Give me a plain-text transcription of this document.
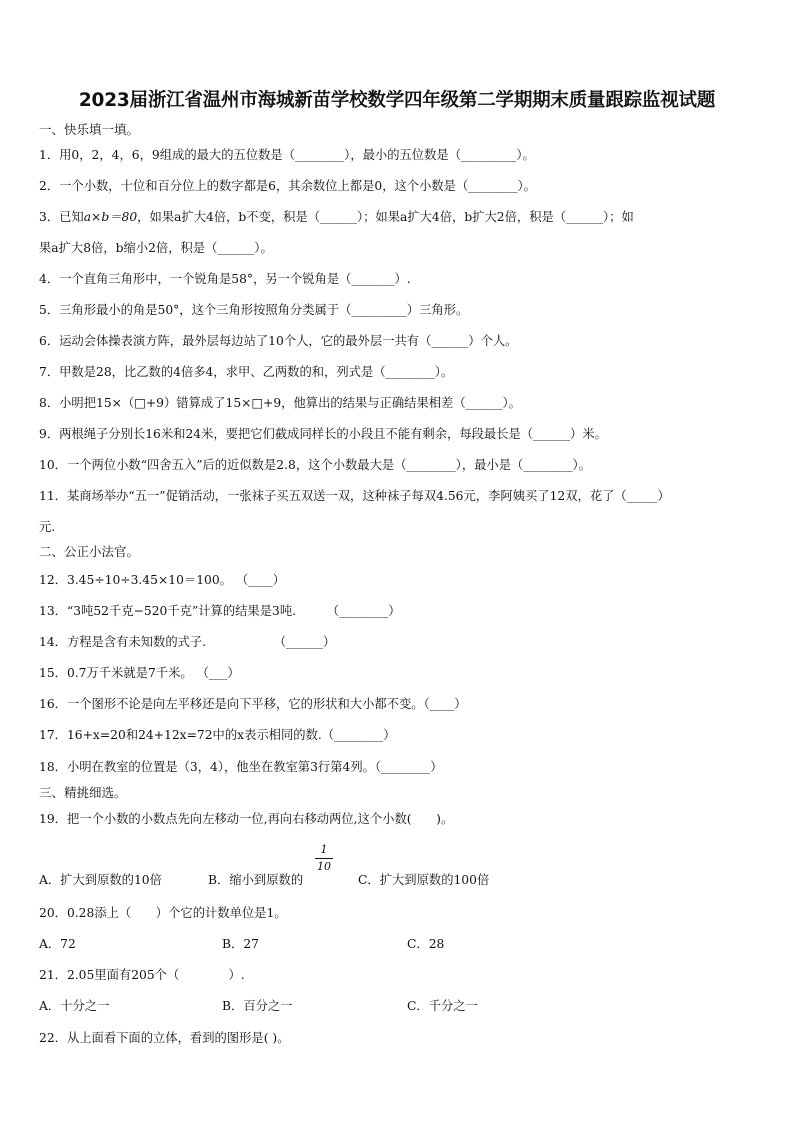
2023届浙江省温州市海城新苗学校数学四年级第二学期期末质量跟踪监视试题
一、快乐填一填。
1．用0，2，4，6，9组成的最大的五位数是（________），最小的五位数是（_________）。
2．一个小数，十位和百分位上的数字都是6，其余数位上都是0，这个小数是（________）。
3．已知a×b＝80，如果a扩大4倍，b不变，积是（______）；如果a扩大4倍，b扩大2倍，积是（______）；如
果a扩大8倍，b缩小2倍，积是（______）。
4．一个直角三角形中，一个锐角是58°，另一个锐角是（_______）.
5．三角形最小的角是50°，这个三角形按照角分类属于（_________）三角形。
6．运动会体操表演方阵，最外层每边站了10个人，它的最外层一共有（______）个人。
7．甲数是28，比乙数的4倍多4，求甲、乙两数的和，列式是（________）。
8．小明把15×（□+9）错算成了15×□+9，他算出的结果与正确结果相差（______）。
9．两根绳子分别长16米和24米，要把它们截成同样长的小段且不能有剩余，每段最长是（______）米。
10．一个两位小数“四舍五入”后的近似数是2.8，这个小数最大是（________），最小是（________）。
11．某商场举办“五一”促销活动，一张袜子买五双送一双，这种袜子每双4.56元，李阿姨买了12双，花了（_____）
元.
二、公正小法官。
12．3.45÷10÷3.45×10＝100。 （____）
13．“3吨52千克−520千克”计算的结果是3吨.　　　（________）
14．方程是含有未知数的式子.　　　　　　（______）
15．0.7万千米就是7千米。 （___）
16．一个图形不论是向左平移还是向下平移，它的形状和大小都不变。（____）
17．16+x=20和24+12x=72中的x表示相同的数.（________）
18．小明在教室的位置是（3，4），他坐在教室第3行第4列。（________）
三、精挑细选。
19．把一个小数的小数点先向左移动一位,再向右移动两位,这个小数(　　)。
1
10
A．扩大到原数的10倍	B．缩小到原数的	C．扩大到原数的100倍
20．0.28添上（　　）个它的计数单位是1。
A．72	B．27	C．28
21．2.05里面有205个（　　　　）.
A．十分之一	B．百分之一	C．千分之一
22．从上面看下面的立体，看到的图形是( )。
